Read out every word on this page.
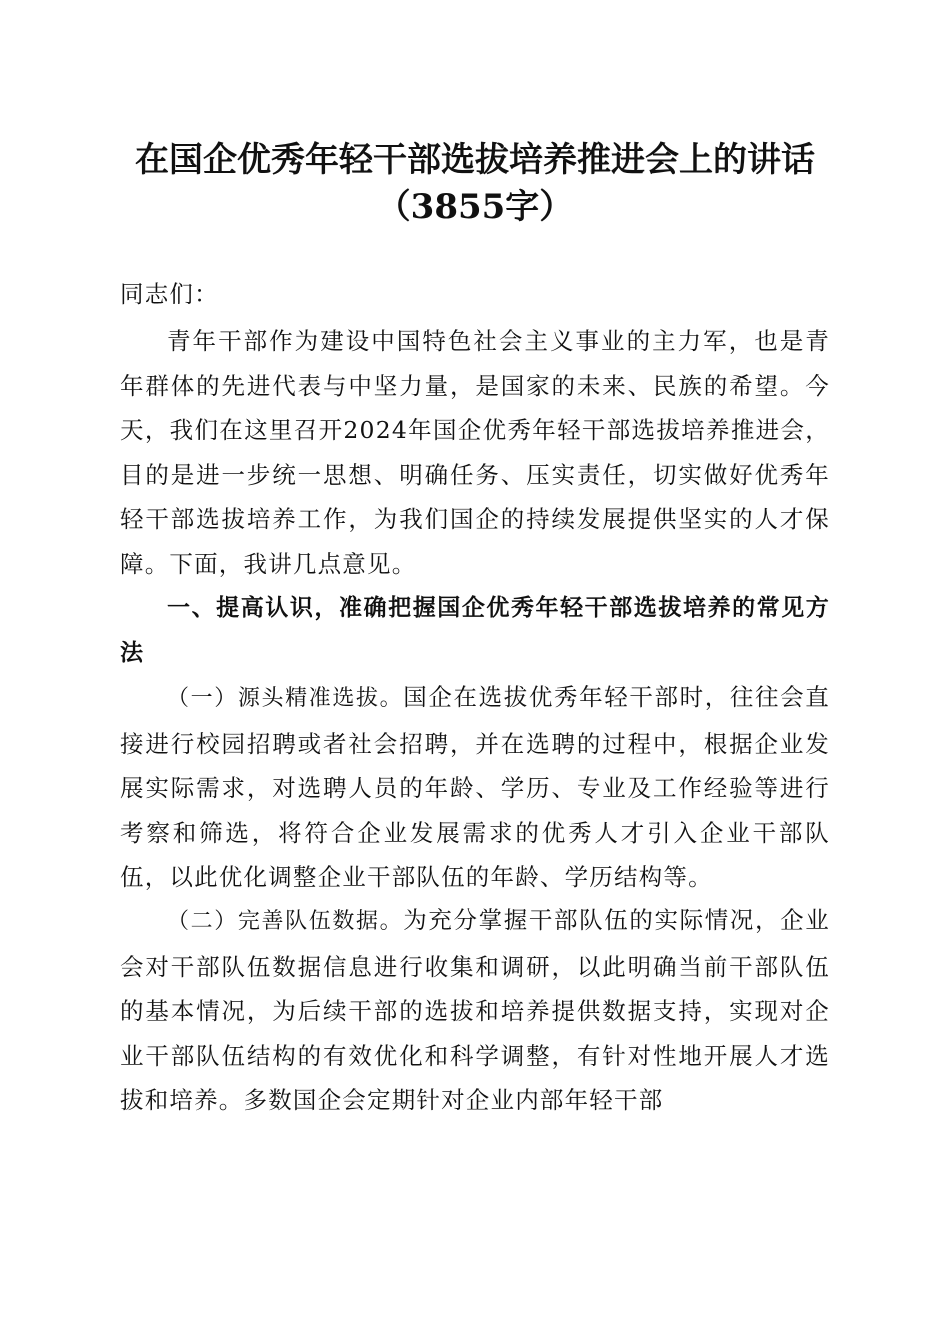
在国企优秀年轻干部选拔培养推进会上的讲话
（3855字）
同志们：
青年干部作为建设中国特色社会主义事业的主力军，也是青年群体的先进代表与中坚力量，是国家的未来、民族的希望。今天，我们在这里召开2024年国企优秀年轻干部选拔培养推进会，目的是进一步统一思想、明确任务、压实责任，切实做好优秀年轻干部选拔培养工作，为我们国企的持续发展提供坚实的人才保障。下面，我讲几点意见。
一、提高认识，准确把握国企优秀年轻干部选拔培养的常见方法
（一）源头精准选拔。国企在选拔优秀年轻干部时，往往会直接进行校园招聘或者社会招聘，并在选聘的过程中，根据企业发展实际需求，对选聘人员的年龄、学历、专业及工作经验等进行考察和筛选，将符合企业发展需求的优秀人才引入企业干部队伍，以此优化调整企业干部队伍的年龄、学历结构等。
（二）完善队伍数据。为充分掌握干部队伍的实际情况，企业会对干部队伍数据信息进行收集和调研，以此明确当前干部队伍的基本情况，为后续干部的选拔和培养提供数据支持，实现对企业干部队伍结构的有效优化和科学调整，有针对性地开展人才选拔和培养。多数国企会定期针对企业内部年轻干部
